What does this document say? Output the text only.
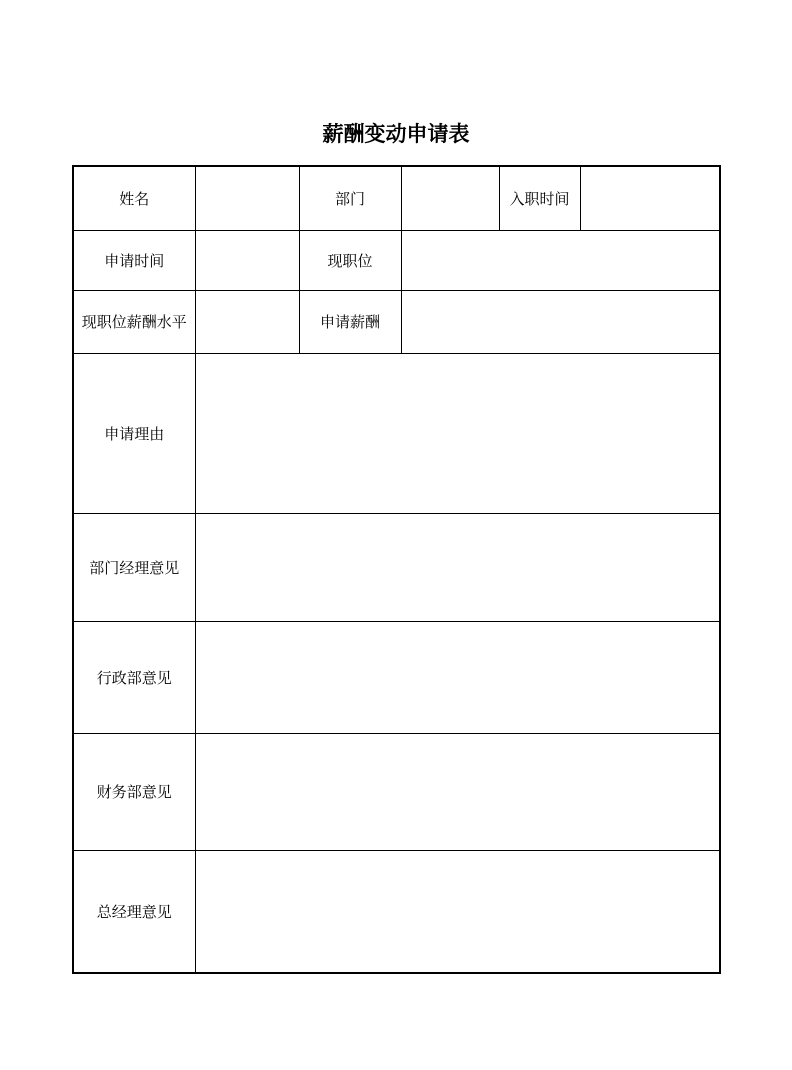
薪酬变动申请表
姓名		部门		入职时间	
申请时间		现职位			
现职位薪酬水平		申请薪酬			
申请理由					
部门经理意见					
行政部意见					
财务部意见					
总经理意见					
